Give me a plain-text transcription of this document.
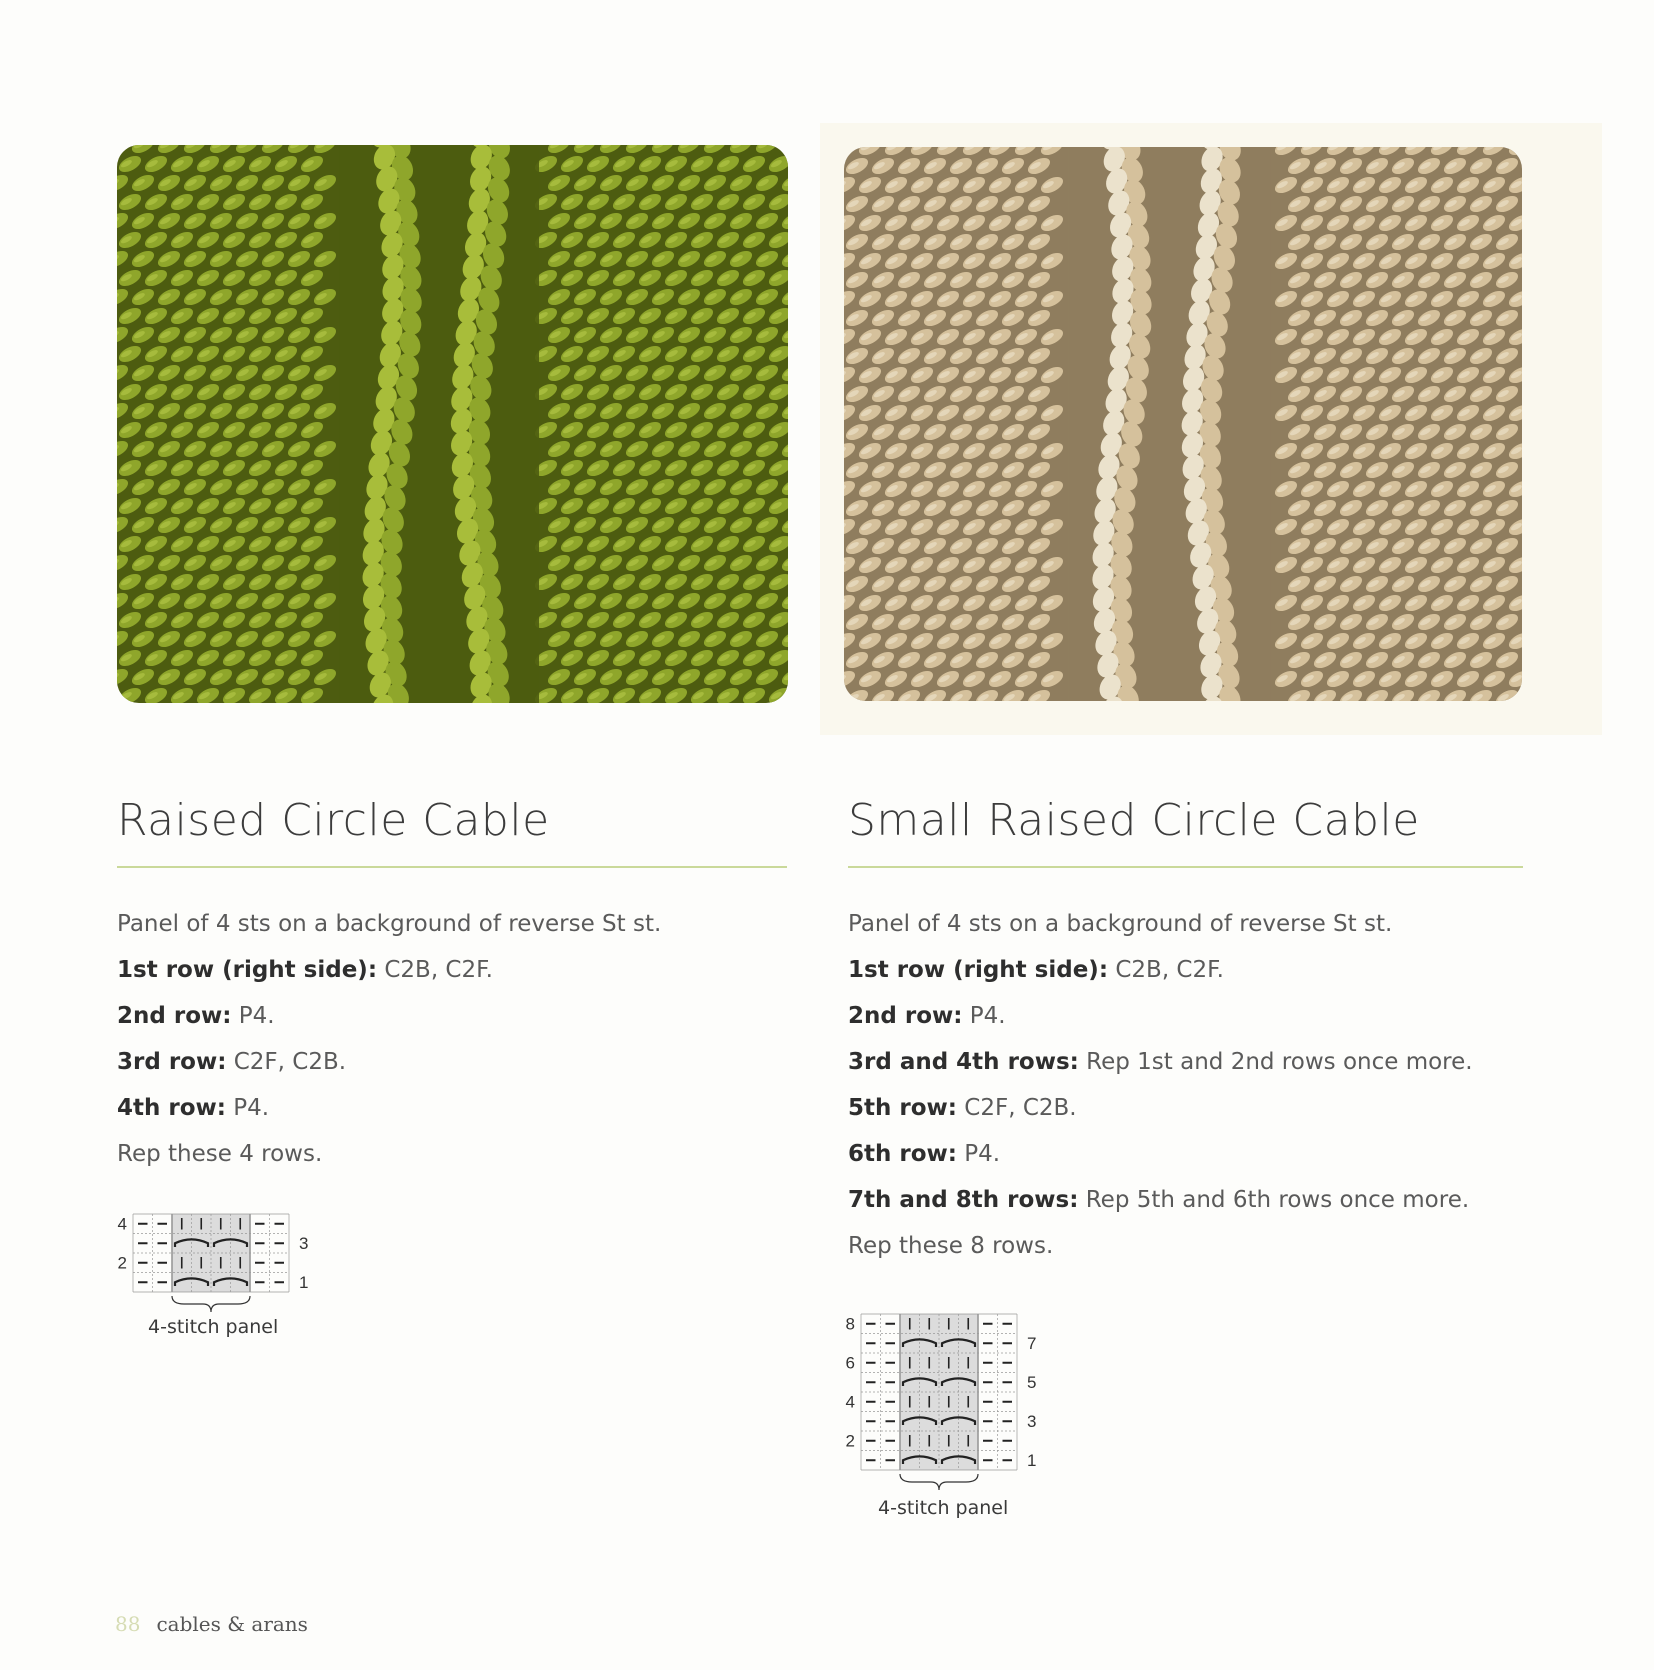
Raised Circle Cable	Small Raised Circle Cable

Panel of 4 sts on a background of reverse St st.

1st row (right side): C2B, C2F.

2nd row: P4.

3rd row: C2F, C2B.

4th row: P4.

Rep these 4 rows.

Panel of 4 sts on a background of reverse St st.

1st row (right side): C2B, C2F.

2nd row: P4.

3rd and 4th rows: Rep 1st and 2nd rows once more.

5th row: C2F, C2B.

6th row: P4.

7th and 8th rows: Rep 5th and 6th rows once more.

Rep these 8 rows.

4
2
3
1
4-stitch panel	8
6
4
2
7
5
3
1
4-stitch panel
88 cables & arans
